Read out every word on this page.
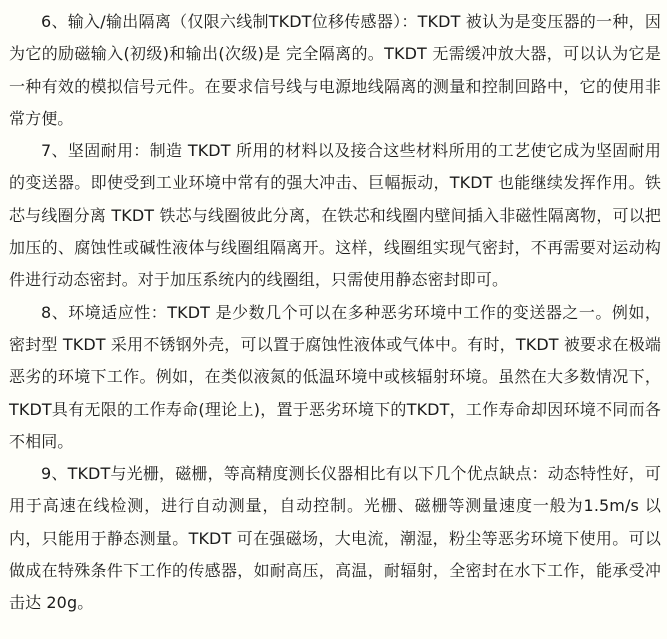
6、输入/输出隔离（仅限六线制TKDT位移传感器）：TKDT 被认为是变压器的一种，因为它的励磁输入(初级)和输出(次级)是 完全隔离的。TKDT 无需缓冲放大器，可以认为它是一种有效的模拟信号元件。在要求信号线与电源地线隔离的测量和控制回路中，它的使用非常方便。

7、坚固耐用：制造 TKDT 所用的材料以及接合这些材料所用的工艺使它成为坚固耐用的变送器。即使受到工业环境中常有的强大冲击、巨幅振动，TKDT 也能继续发挥作用。铁芯与线圈分离 TKDT 铁芯与线圈彼此分离，在铁芯和线圈内壁间插入非磁性隔离物，可以把加压的、腐蚀性或碱性液体与线圈组隔离开。这样，线圈组实现气密封，不再需要对运动构件进行动态密封。对于加压系统内的线圈组，只需使用静态密封即可。

8、环境适应性：TKDT 是少数几个可以在多种恶劣环境中工作的变送器之一。例如，密封型 TKDT 采用不锈钢外壳，可以置于腐蚀性液体或气体中。有时，TKDT 被要求在极端恶劣的环境下工作。例如，在类似液氮的低温环境中或核辐射环境。虽然在大多数情况下，TKDT具有无限的工作寿命(理论上)，置于恶劣环境下的TKDT，工作寿命却因环境不同而各不相同。

9、TKDT与光栅，磁栅，等高精度测长仪器相比有以下几个优点缺点：动态特性好，可用于高速在线检测，进行自动测量，自动控制。光栅、磁栅等测量速度一般为1.5m/s 以内，只能用于静态测量。TKDT 可在强磁场，大电流，潮湿，粉尘等恶劣环境下使用。可以做成在特殊条件下工作的传感器，如耐高压，高温，耐辐射，全密封在水下工作，能承受冲击达 20g。
